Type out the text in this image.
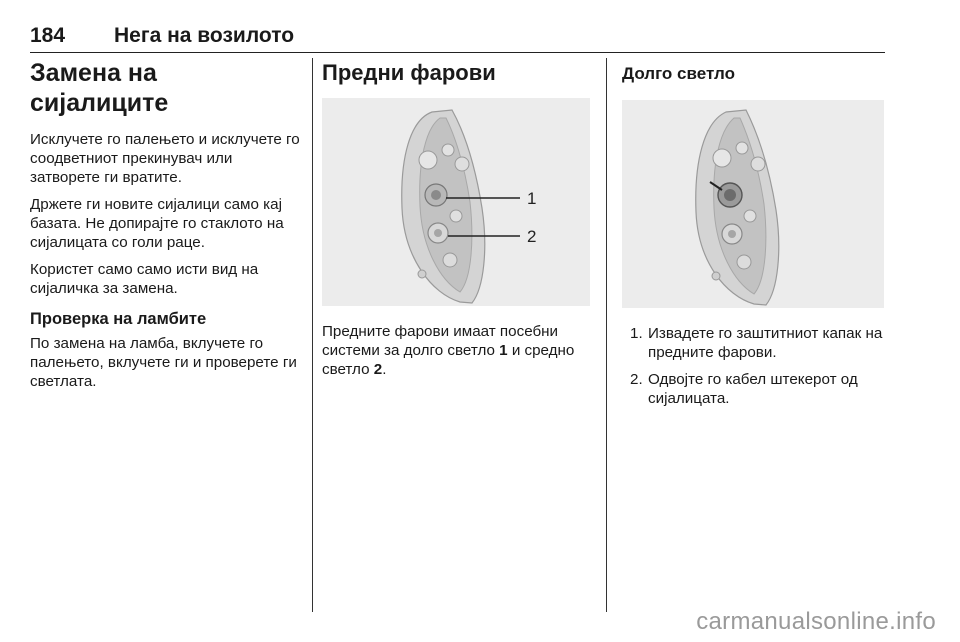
184 Нега на возилото
Замена на сијалиците

Исклучете го палењето и исклучете го соодветниот прекинувач или затворете ги вратите.

Држете ги новите сијалици само кај базата. Не допирајте го стаклото на сијалицата со голи раце.

Користет само само исти вид на сијаличка за замена.

Проверка на ламбите

По замена на ламба, вклучете го палењето, вклучете ги и проверете ги светлата.

Предни фарови
1
2
Предните фарови имаат посебни системи за долго светло 1 и средно светло 2.
Долго светло
1. Извадете го заштитниот капак на предните фарови.
2. Одвојте го кабел штекерот од сијалицата.
carmanualsonline.info
